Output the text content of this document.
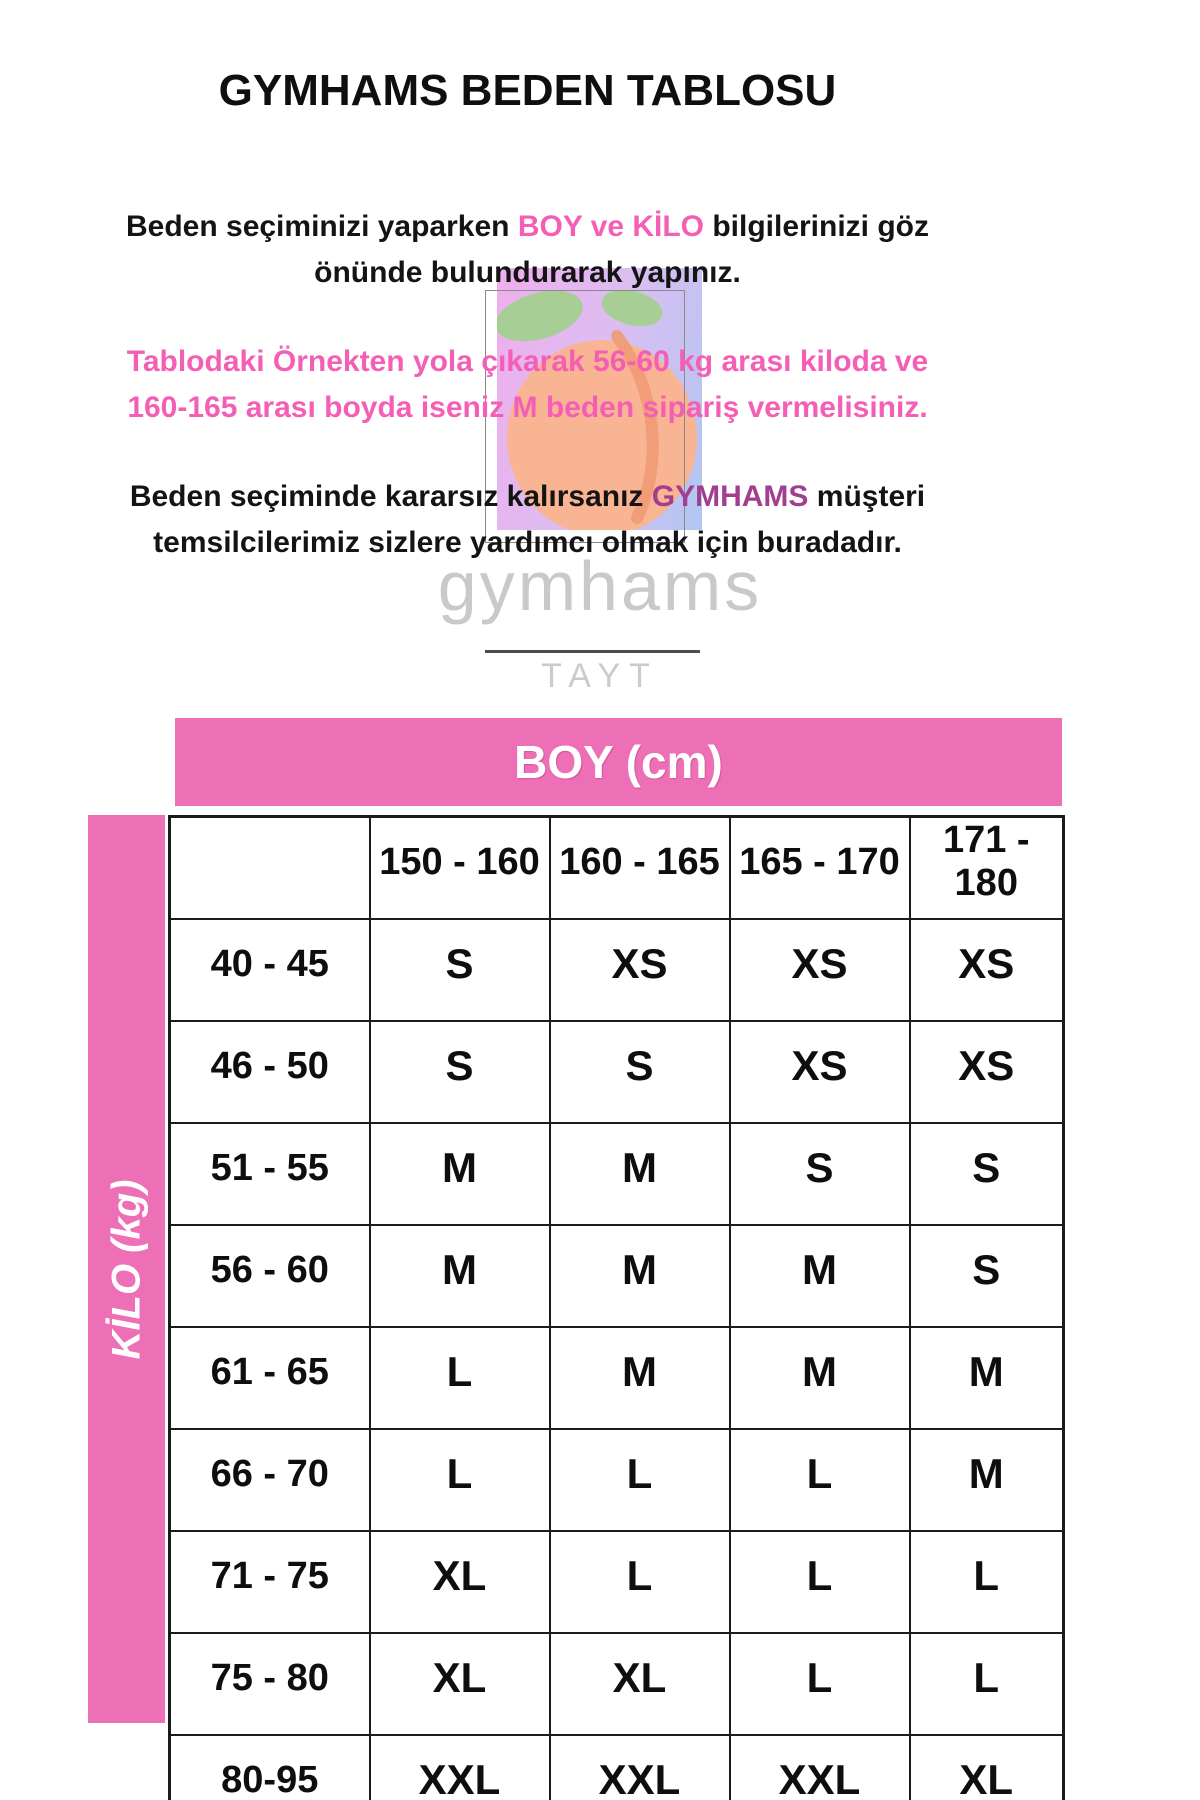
GYMHAMS BEDEN TABLOSU
Beden seçiminizi yaparken BOY ve KİLO bilgilerinizi göz
önünde bulundurarak yapınız.
Tablodaki Örnekten yola çıkarak 56-60 kg arası kiloda ve
160-165 arası boyda iseniz M beden sipariş vermelisiniz.
Beden seçiminde kararsız kalırsanız GYMHAMS müşteri
temsilcilerimiz sizlere yardımcı olmak için buradadır.
gymhams
TAYT
BOY (cm)
KİLO (kg)
	150 - 160	160 - 165	165 - 170	171 - 180
40 - 45	S	XS	XS	XS
46 - 50	S	S	XS	XS
51 - 55	M	M	S	S
56 - 60	M	M	M	S
61 - 65	L	M	M	M
66 - 70	L	L	L	M
71 - 75	XL	L	L	L
75 - 80	XL	XL	L	L
80-95	XXL	XXL	XXL	XL
